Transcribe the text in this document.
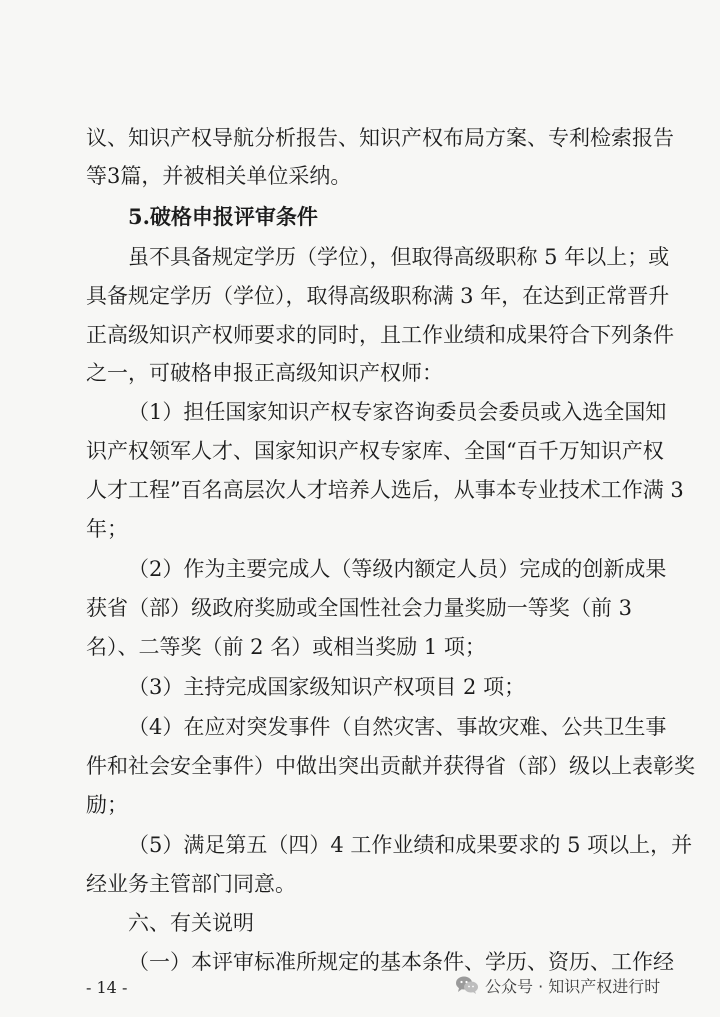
议、知识产权导航分析报告、知识产权布局方案、专利检索报告
等3篇，并被相关单位采纳。
5.破格申报评审条件
虽不具备规定学历（学位），但取得高级职称 5 年以上；或
具备规定学历（学位），取得高级职称满 3 年，在达到正常晋升
正高级知识产权师要求的同时，且工作业绩和成果符合下列条件
之一，可破格申报正高级知识产权师：
（1）担任国家知识产权专家咨询委员会委员或入选全国知
识产权领军人才、国家知识产权专家库、全国“百千万知识产权
人才工程”百名高层次人才培养人选后，从事本专业技术工作满 3
年；
（2）作为主要完成人（等级内额定人员）完成的创新成果
获省（部）级政府奖励或全国性社会力量奖励一等奖（前 3
名）、二等奖（前 2 名）或相当奖励 1 项；
（3）主持完成国家级知识产权项目 2 项；
（4）在应对突发事件（自然灾害、事故灾难、公共卫生事
件和社会安全事件）中做出突出贡献并获得省（部）级以上表彰奖
励；
（5）满足第五（四）4 工作业绩和成果要求的 5 项以上，并
经业务主管部门同意。
六、有关说明
（一）本评审标准所规定的基本条件、学历、资历、工作经
- 14 -	公众号 · 知识产权进行时
